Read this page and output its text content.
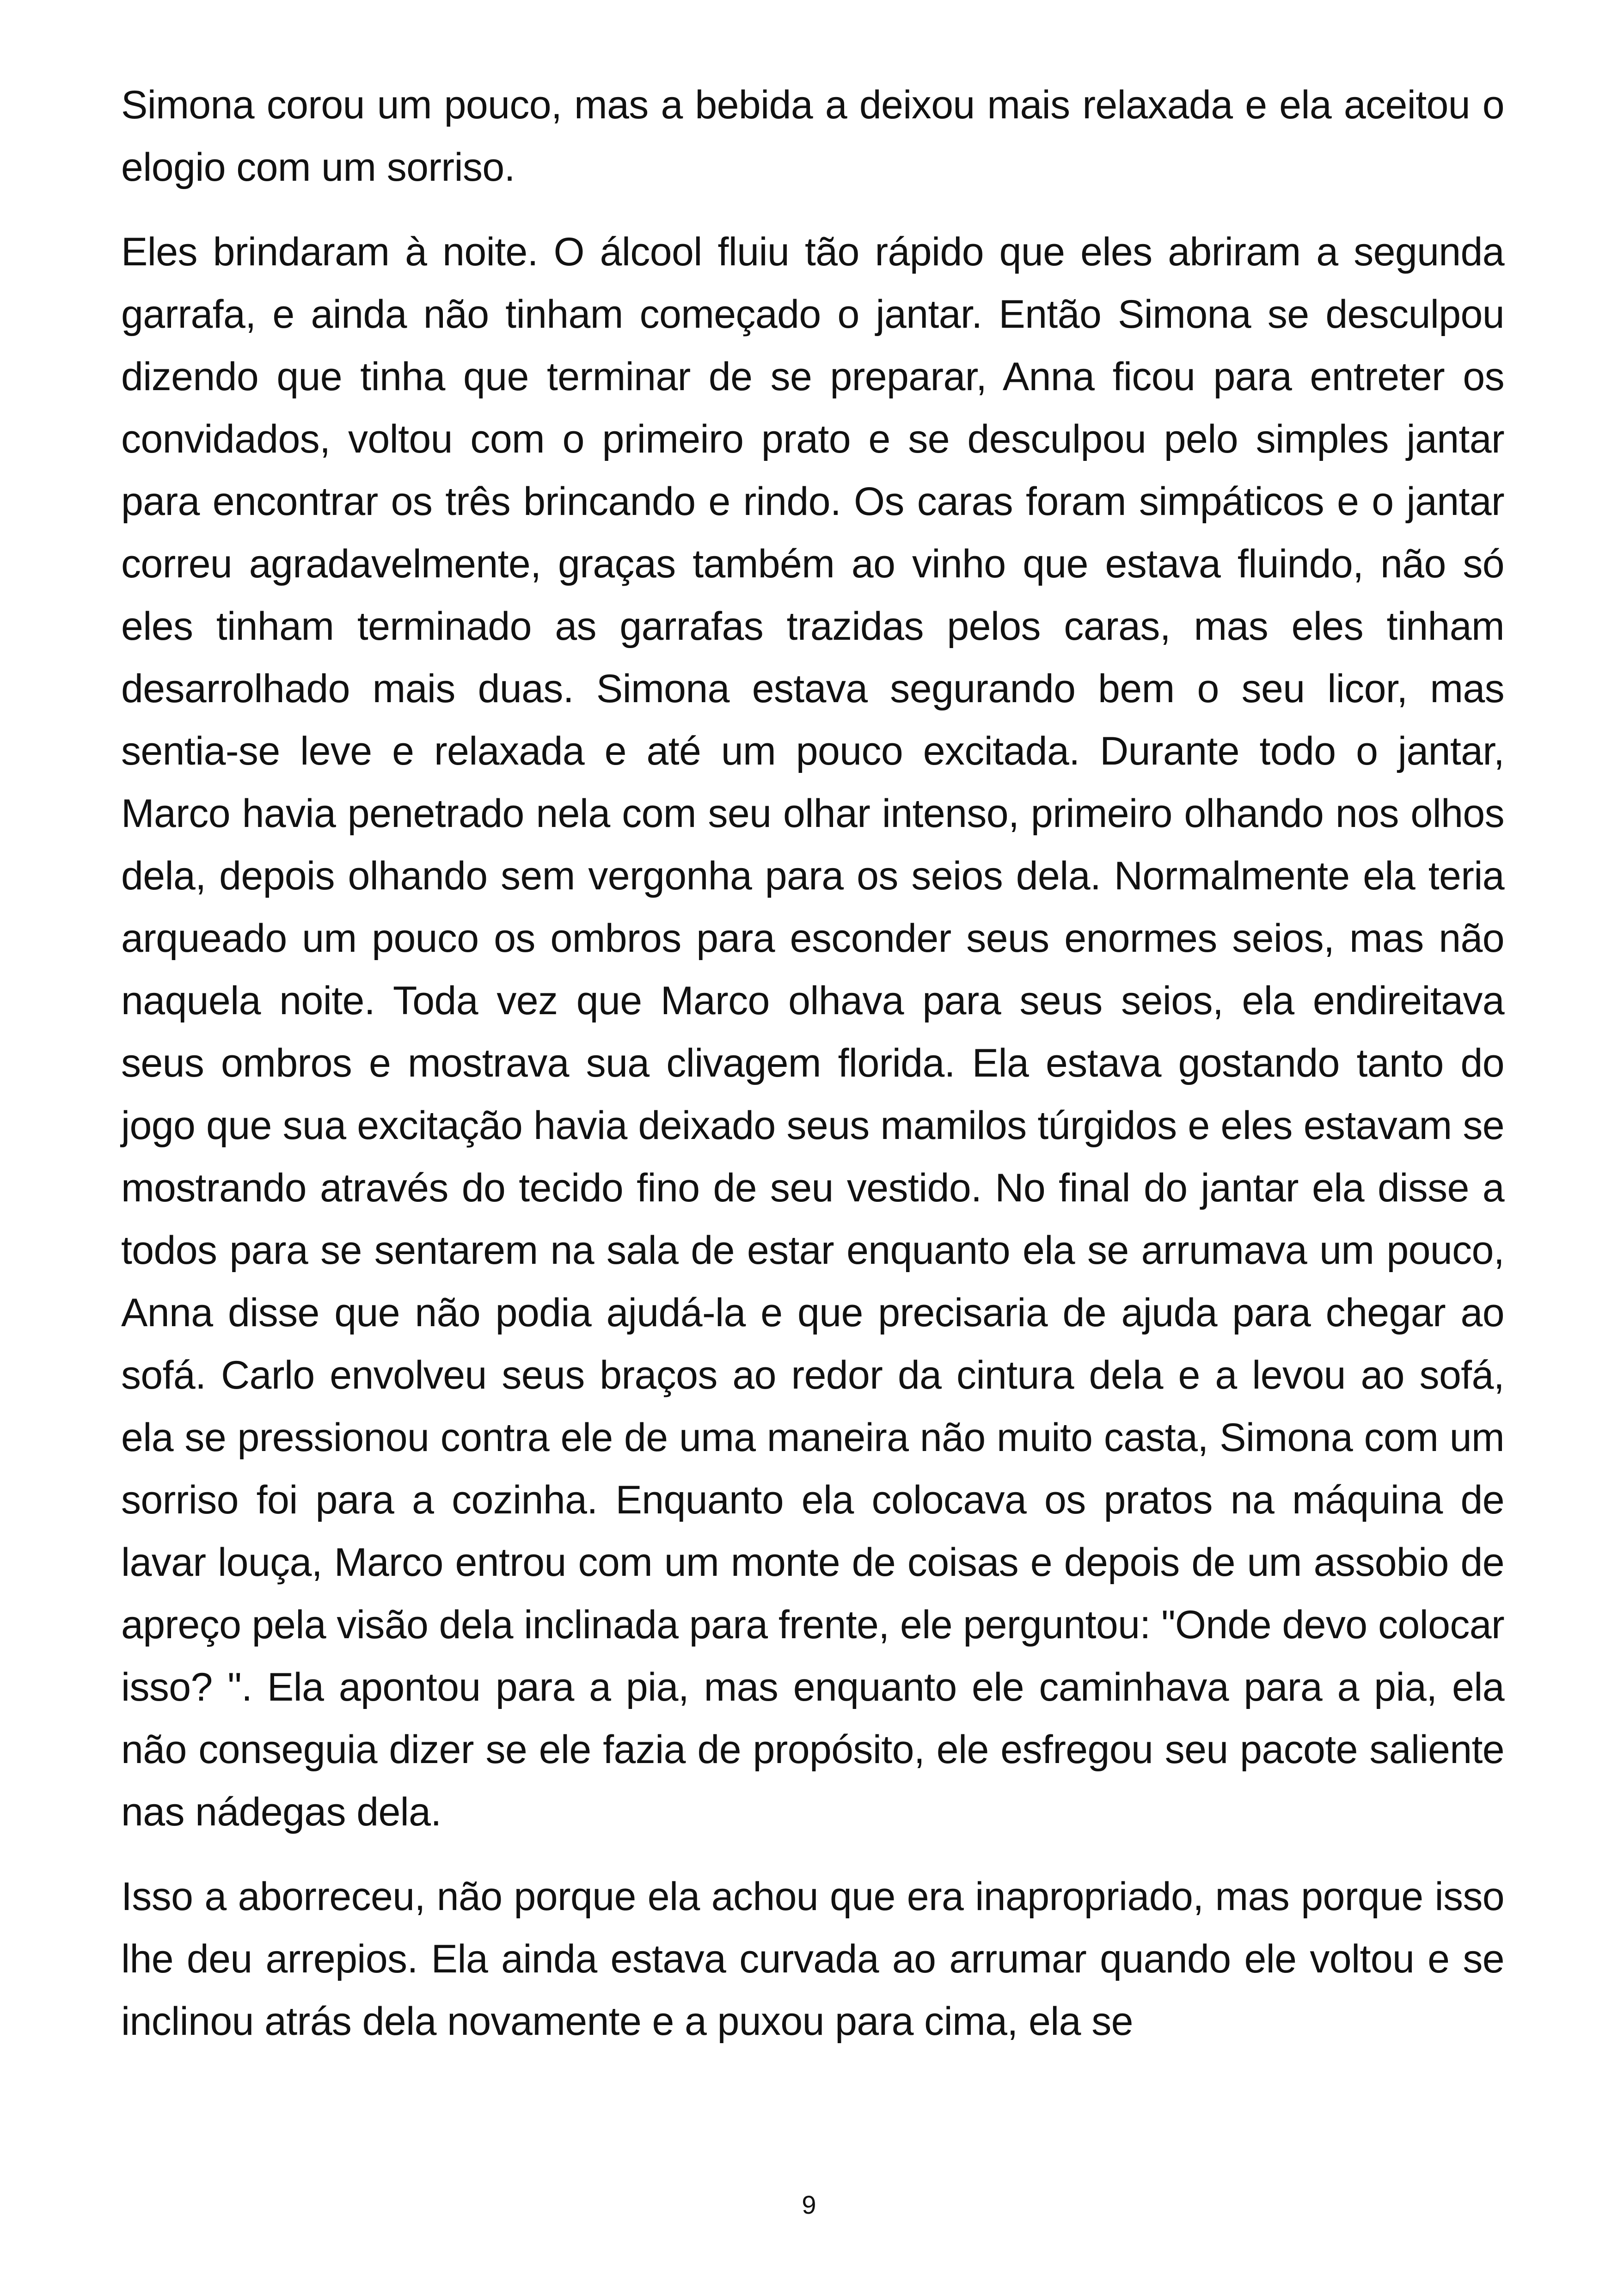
Simona corou um pouco, mas a bebida a deixou mais relaxada e ela aceitou o elogio com um sorriso.

Eles brindaram à noite. O álcool fluiu tão rápido que eles abriram a segunda garrafa, e ainda não tinham começado o jantar. Então Simona se desculpou dizendo que tinha que terminar de se preparar, Anna ficou para entreter os convidados, voltou com o primeiro prato e se desculpou pelo simples jantar para encontrar os três brincando e rindo. Os caras foram simpáticos e o jantar correu agradavelmente, graças também ao vinho que estava fluindo, não só eles tinham terminado as garrafas trazidas pelos caras, mas eles tinham desarrolhado mais duas. Simona estava segurando bem o seu licor, mas sentia-se leve e relaxada e até um pouco excitada. Durante todo o jantar, Marco havia penetrado nela com seu olhar intenso, primeiro olhando nos olhos dela, depois olhando sem vergonha para os seios dela. Normalmente ela teria arqueado um pouco os ombros para esconder seus enormes seios, mas não naquela noite. Toda vez que Marco olhava para seus seios, ela endireitava seus ombros e mostrava sua clivagem florida. Ela estava gostando tanto do jogo que sua excitação havia deixado seus mamilos túrgidos e eles estavam se mostrando através do tecido fino de seu vestido. No final do jantar ela disse a todos para se sentarem na sala de estar enquanto ela se arrumava um pouco, Anna disse que não podia ajudá-la e que precisaria de ajuda para chegar ao sofá. Carlo envolveu seus braços ao redor da cintura dela e a levou ao sofá, ela se pressionou contra ele de uma maneira não muito casta, Simona com um sorriso foi para a cozinha. Enquanto ela colocava os pratos na máquina de lavar louça, Marco entrou com um monte de coisas e depois de um assobio de apreço pela visão dela inclinada para frente, ele perguntou: "Onde devo colocar isso? ". Ela apontou para a pia, mas enquanto ele caminhava para a pia, ela não conseguia dizer se ele fazia de propósito, ele esfregou seu pacote saliente nas nádegas dela.

Isso a aborreceu, não porque ela achou que era inapropriado, mas porque isso lhe deu arrepios. Ela ainda estava curvada ao arrumar quando ele voltou e se inclinou atrás dela novamente e a puxou para cima, ela se

9
